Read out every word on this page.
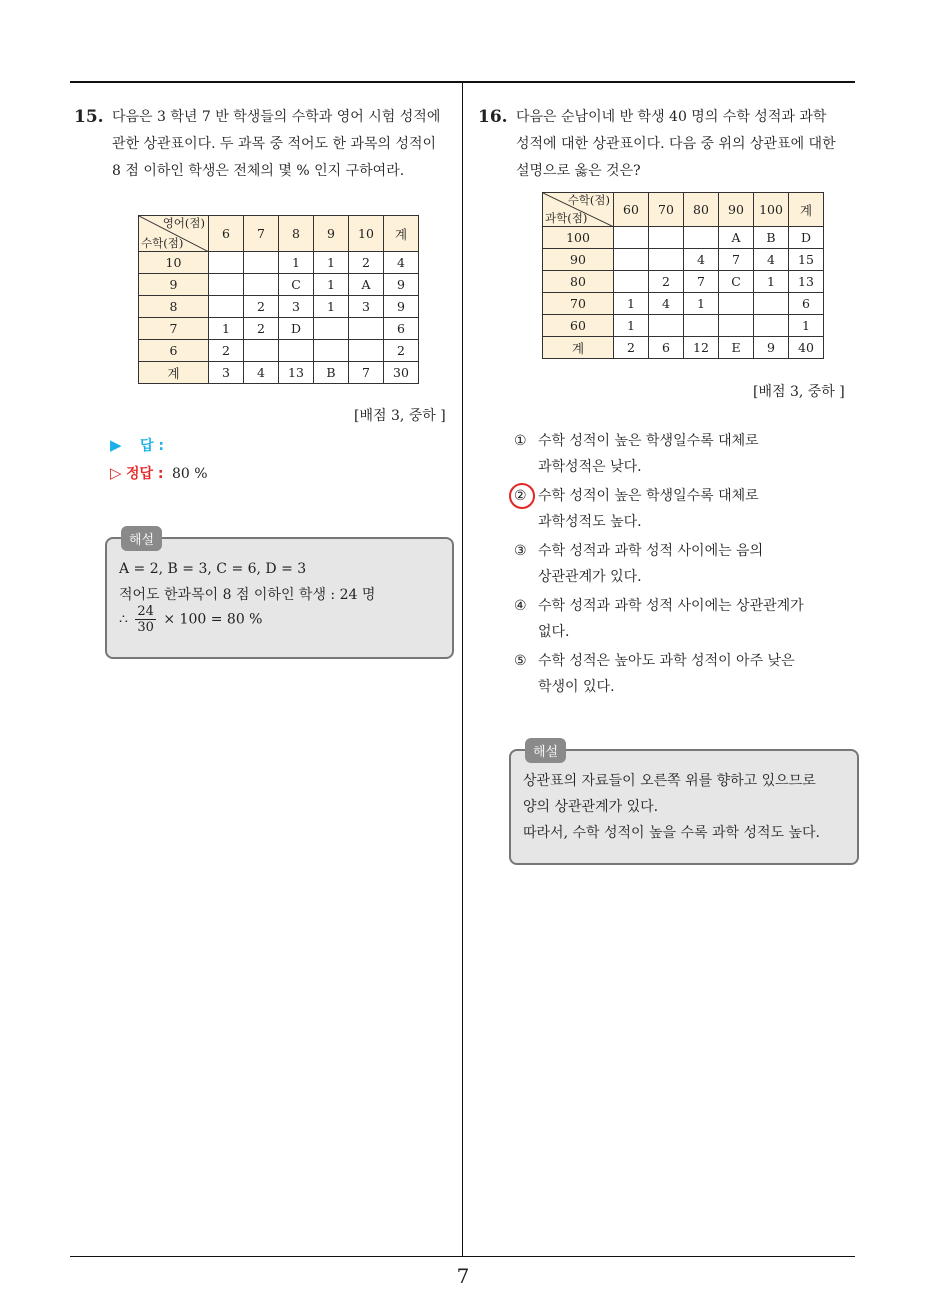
7
15. 다음은 3 학년 7 반 학생들의 수학과 영어 시험 성적에
관한 상관표이다. 두 과목 중 적어도 한 과목의 성적이
8 점 이하인 학생은 전체의 몇 % 인지 구하여라.
영어(점)
수학(점)	6	7	8	9	10	계
10			1	1	2	4
9			C	1	A	9
8		2	3	1	3	9
7	1	2	D			6
6	2					2
계	3	4	13	B	7	30
[배점 3, 중하 ]
▶ 답 :
▷ 정답 : 80 %
해설
A = 2, B = 3, C = 6, D = 3
적어도 한과목이 8 점 이하인 학생 : 24 명
∴ $\frac{24}{30} \times 100 = 80$ %
16. 다음은 순남이네 반 학생 40 명의 수학 성적과 과학
성적에 대한 상관표이다. 다음 중 위의 상관표에 대한
설명으로 옳은 것은?
수학(점)
과학(점)	60	70	80	90	100	계
100				A	B	D
90			4	7	4	15
80		2	7	C	1	13
70	1	4	1			6
60	1					1
계	2	6	12	E	9	40
[배점 3, 중하 ]
① 수학 성적이 높은 학생일수록 대체로
과학성적은 낮다.
② 수학 성적이 높은 학생일수록 대체로
과학성적도 높다.
③ 수학 성적과 과학 성적 사이에는 음의
상관관계가 있다.
④ 수학 성적과 과학 성적 사이에는 상관관계가
없다.
⑤ 수학 성적은 높아도 과학 성적이 아주 낮은
학생이 있다.
해설
상관표의 자료들이 오른쪽 위를 향하고 있으므로
양의 상관관계가 있다.
따라서, 수학 성적이 높을 수록 과학 성적도 높다.
